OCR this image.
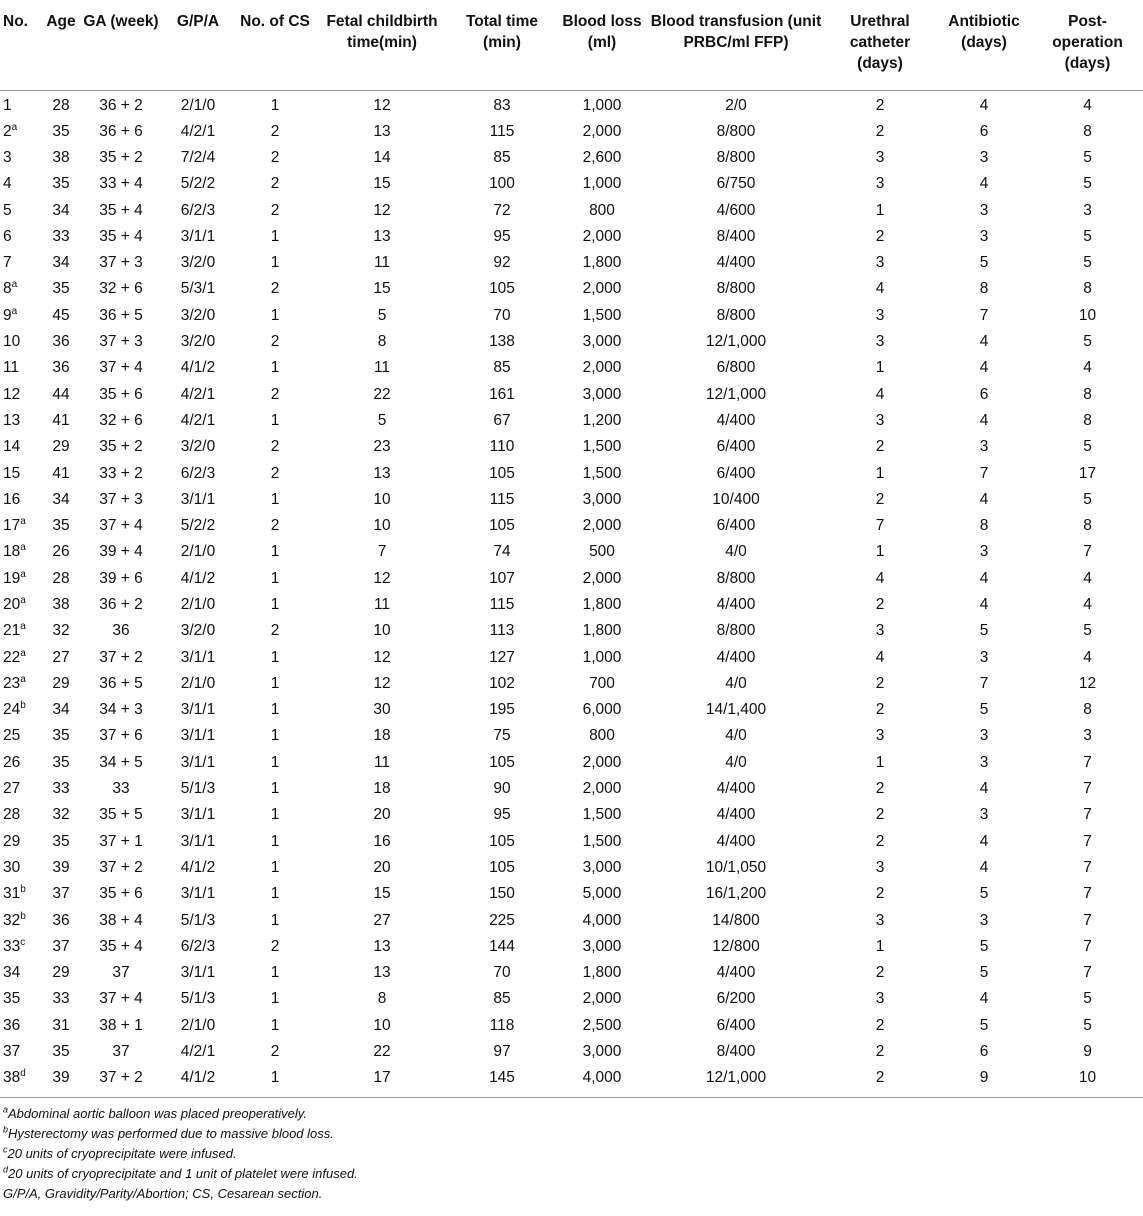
No.	Age	GA (week)	G/P/A	No. of CS	Fetal childbirth time(min)	Total time (min)	Blood loss (ml)	Blood transfusion (unit PRBC/ml FFP)	Urethral catheter (days)	Antibiotic (days)	Post-operation (days)
1	28	36 + 2	2/1/0	1	12	83	1,000	2/0	2	4	4
2$^a$	35	36 + 6	4/2/1	2	13	115	2,000	8/800	2	6	8
3	38	35 + 2	7/2/4	2	14	85	2,600	8/800	3	3	5
4	35	33 + 4	5/2/2	2	15	100	1,000	6/750	3	4	5
5	34	35 + 4	6/2/3	2	12	72	800	4/600	1	3	3
6	33	35 + 4	3/1/1	1	13	95	2,000	8/400	2	3	5
7	34	37 + 3	3/2/0	1	11	92	1,800	4/400	3	5	5
8$^a$	35	32 + 6	5/3/1	2	15	105	2,000	8/800	4	8	8
9$^a$	45	36 + 5	3/2/0	1	5	70	1,500	8/800	3	7	10
10	36	37 + 3	3/2/0	2	8	138	3,000	12/1,000	3	4	5
11	36	37 + 4	4/1/2	1	11	85	2,000	6/800	1	4	4
12	44	35 + 6	4/2/1	2	22	161	3,000	12/1,000	4	6	8
13	41	32 + 6	4/2/1	1	5	67	1,200	4/400	3	4	8
14	29	35 + 2	3/2/0	2	23	110	1,500	6/400	2	3	5
15	41	33 + 2	6/2/3	2	13	105	1,500	6/400	1	7	17
16	34	37 + 3	3/1/1	1	10	115	3,000	10/400	2	4	5
17$^a$	35	37 + 4	5/2/2	2	10	105	2,000	6/400	7	8	8
18$^a$	26	39 + 4	2/1/0	1	7	74	500	4/0	1	3	7
19$^a$	28	39 + 6	4/1/2	1	12	107	2,000	8/800	4	4	4
20$^a$	38	36 + 2	2/1/0	1	11	115	1,800	4/400	2	4	4
21$^a$	32	36	3/2/0	2	10	113	1,800	8/800	3	5	5
22$^a$	27	37 + 2	3/1/1	1	12	127	1,000	4/400	4	3	4
23$^a$	29	36 + 5	2/1/0	1	12	102	700	4/0	2	7	12
24$^b$	34	34 + 3	3/1/1	1	30	195	6,000	14/1,400	2	5	8
25	35	37 + 6	3/1/1	1	18	75	800	4/0	3	3	3
26	35	34 + 5	3/1/1	1	11	105	2,000	4/0	1	3	7
27	33	33	5/1/3	1	18	90	2,000	4/400	2	4	7
28	32	35 + 5	3/1/1	1	20	95	1,500	4/400	2	3	7
29	35	37 + 1	3/1/1	1	16	105	1,500	4/400	2	4	7
30	39	37 + 2	4/1/2	1	20	105	3,000	10/1,050	3	4	7
31$^b$	37	35 + 6	3/1/1	1	15	150	5,000	16/1,200	2	5	7
32$^b$	36	38 + 4	5/1/3	1	27	225	4,000	14/800	3	3	7
33$^c$	37	35 + 4	6/2/3	2	13	144	3,000	12/800	1	5	7
34	29	37	3/1/1	1	13	70	1,800	4/400	2	5	7
35	33	37 + 4	5/1/3	1	8	85	2,000	6/200	3	4	5
36	31	38 + 1	2/1/0	1	10	118	2,500	6/400	2	5	5
37	35	37	4/2/1	2	22	97	3,000	8/400	2	6	9
38$^d$	39	37 + 2	4/1/2	1	17	145	4,000	12/1,000	2	9	10
$^a$Abdominal aortic balloon was placed preoperatively.
$^b$Hysterectomy was performed due to massive blood loss.
$^c$20 units of cryoprecipitate were infused.
$^d$20 units of cryoprecipitate and 1 unit of platelet were infused.
G/P/A, Gravidity/Parity/Abortion; CS, Cesarean section.
